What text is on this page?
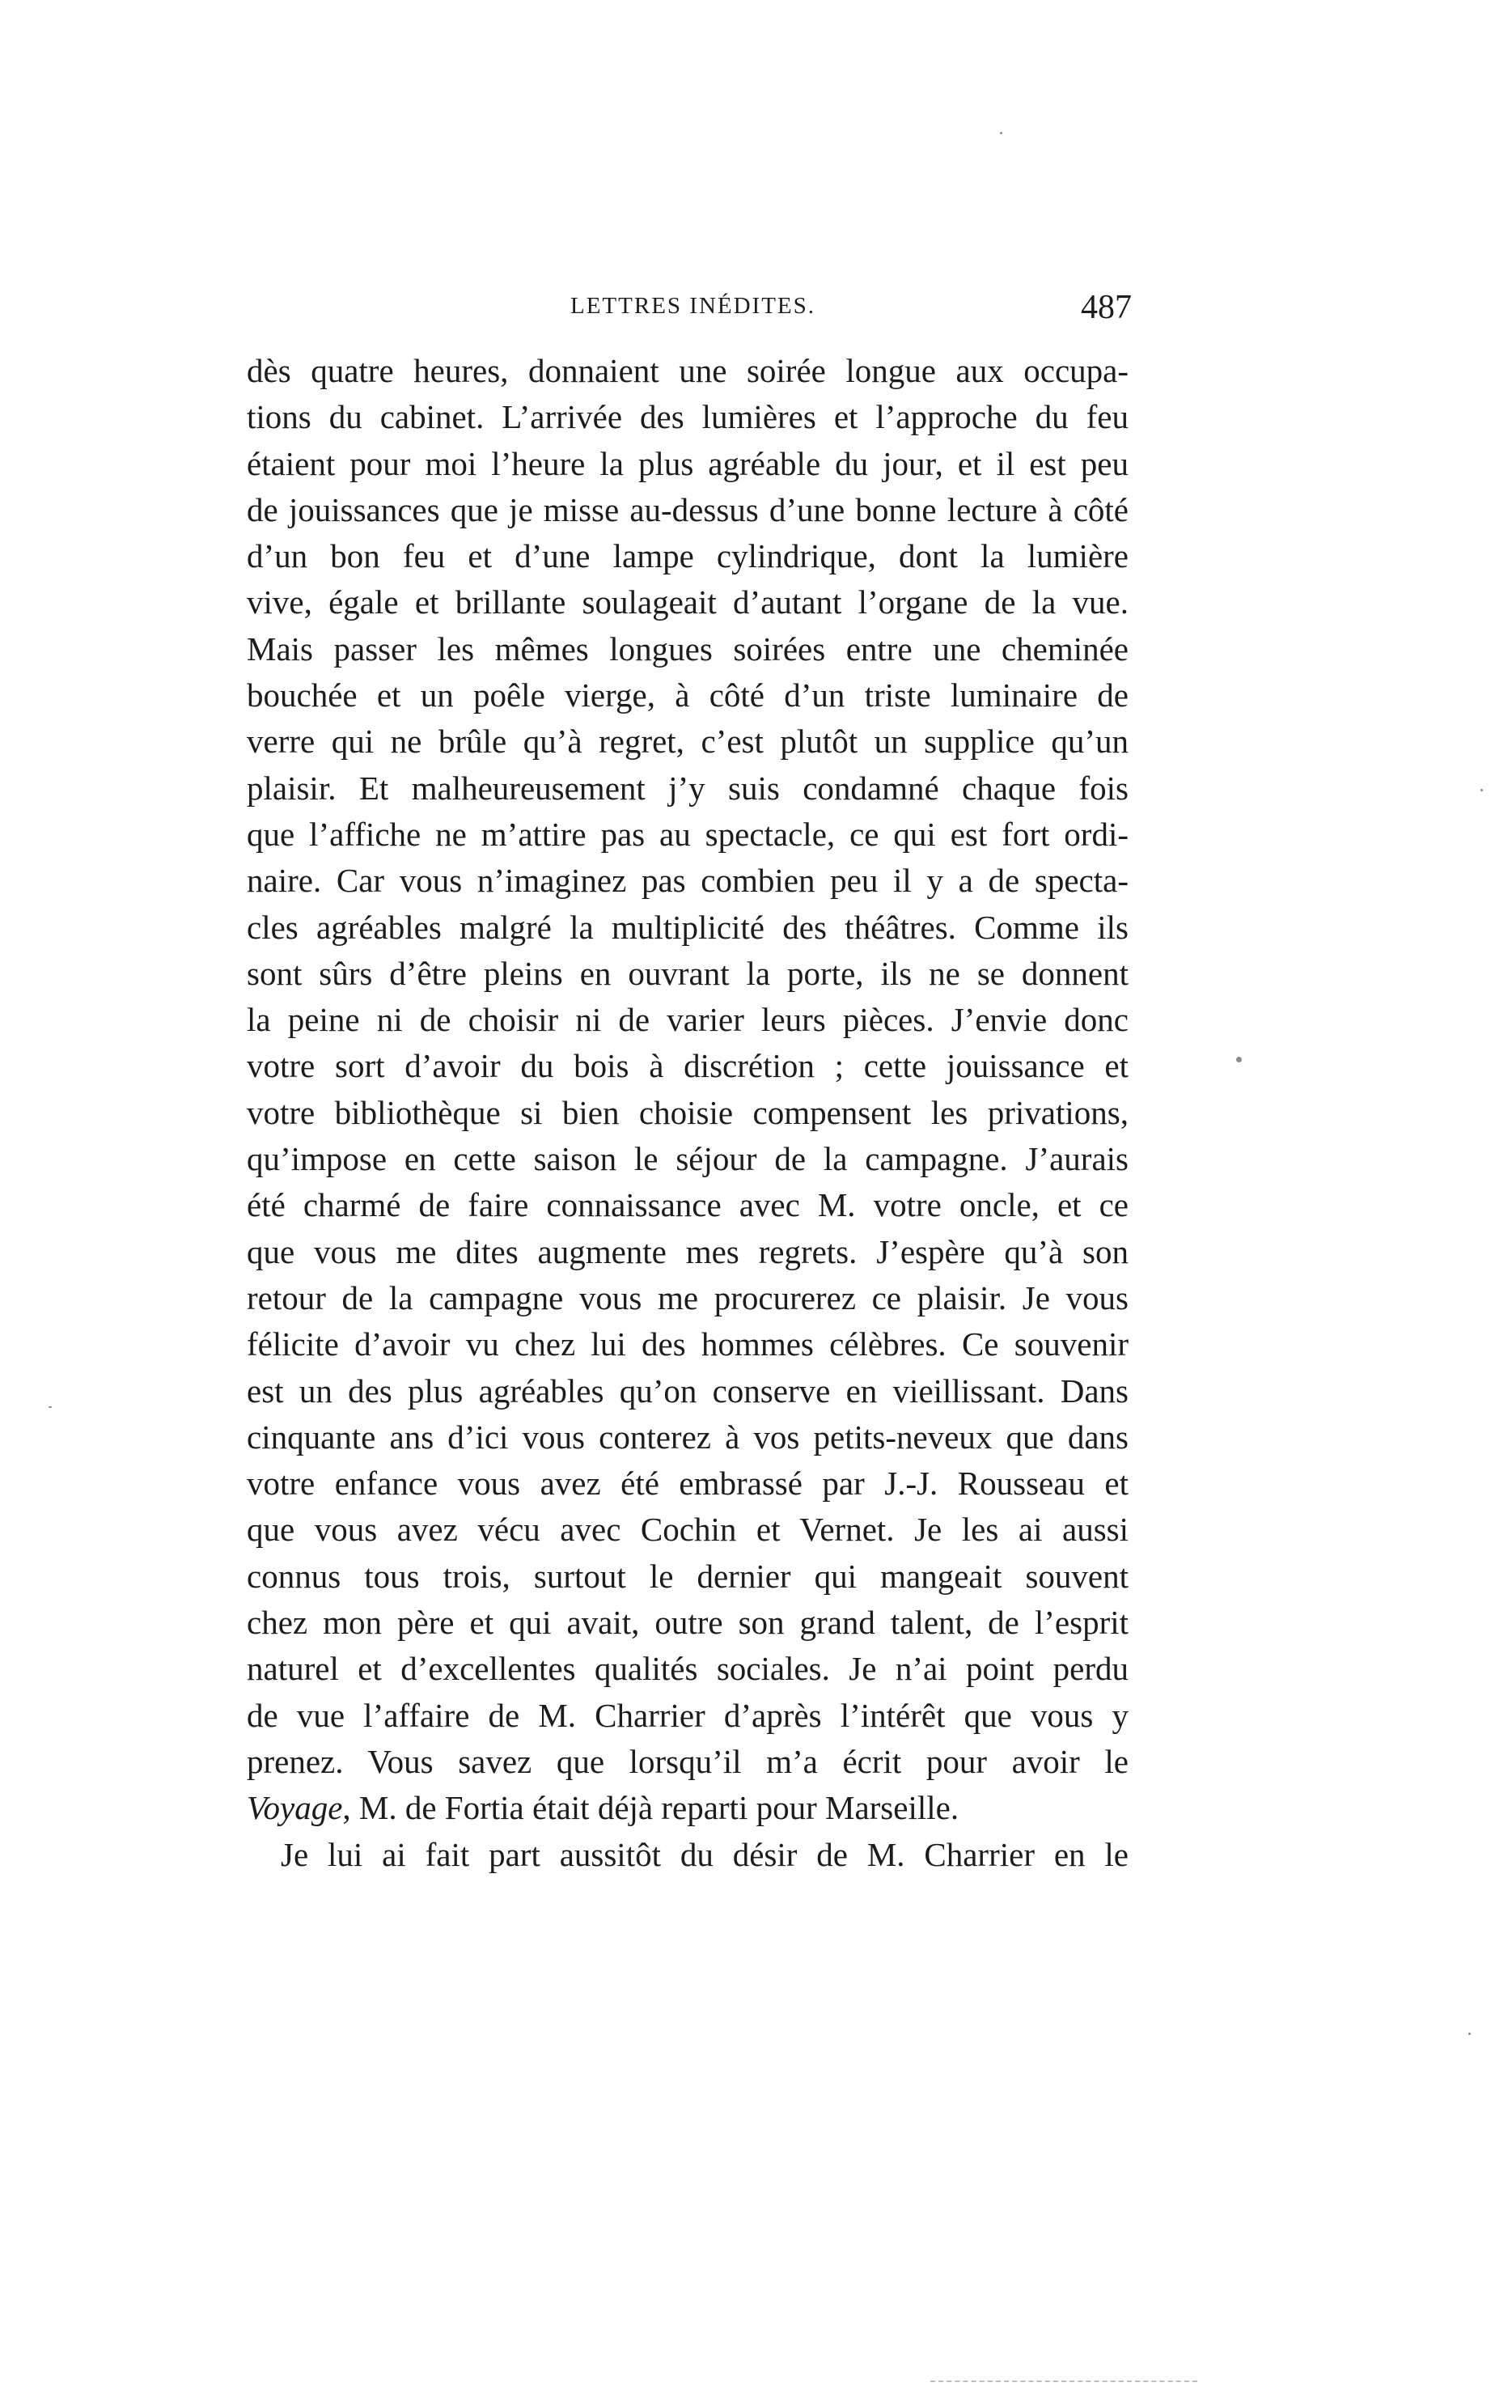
LETTRES INÉDITES.	487
dès quatre heures, donnaient une soirée longue aux occupa-
tions du cabinet. L’arrivée des lumières et l’approche du feu
étaient pour moi l’heure la plus agréable du jour, et il est peu
de jouissances que je misse au-dessus d’une bonne lecture à côté
d’un bon feu et d’une lampe cylindrique, dont la lumière
vive, égale et brillante soulageait d’autant l’organe de la vue.
Mais passer les mêmes longues soirées entre une cheminée
bouchée et un poêle vierge, à côté d’un triste luminaire de
verre qui ne brûle qu’à regret, c’est plutôt un supplice qu’un
plaisir. Et malheureusement j’y suis condamné chaque fois
que l’affiche ne m’attire pas au spectacle, ce qui est fort ordi-
naire. Car vous n’imaginez pas combien peu il y a de specta-
cles agréables malgré la multiplicité des théâtres. Comme ils
sont sûrs d’être pleins en ouvrant la porte, ils ne se donnent
la peine ni de choisir ni de varier leurs pièces. J’envie donc
votre sort d’avoir du bois à discrétion ; cette jouissance et
votre bibliothèque si bien choisie compensent les privations,
qu’impose en cette saison le séjour de la campagne. J’aurais
été charmé de faire connaissance avec M. votre oncle, et ce
que vous me dites augmente mes regrets. J’espère qu’à son
retour de la campagne vous me procurerez ce plaisir. Je vous
félicite d’avoir vu chez lui des hommes célèbres. Ce souvenir
est un des plus agréables qu’on conserve en vieillissant. Dans
cinquante ans d’ici vous conterez à vos petits-neveux que dans
votre enfance vous avez été embrassé par J.-J. Rousseau et
que vous avez vécu avec Cochin et Vernet. Je les ai aussi
connus tous trois, surtout le dernier qui mangeait souvent
chez mon père et qui avait, outre son grand talent, de l’esprit
naturel et d’excellentes qualités sociales. Je n’ai point perdu
de vue l’affaire de M. Charrier d’après l’intérêt que vous y
prenez. Vous savez que lorsqu’il m’a écrit pour avoir le
Voyage, M. de Fortia était déjà reparti pour Marseille.
Je lui ai fait part aussitôt du désir de M. Charrier en le
